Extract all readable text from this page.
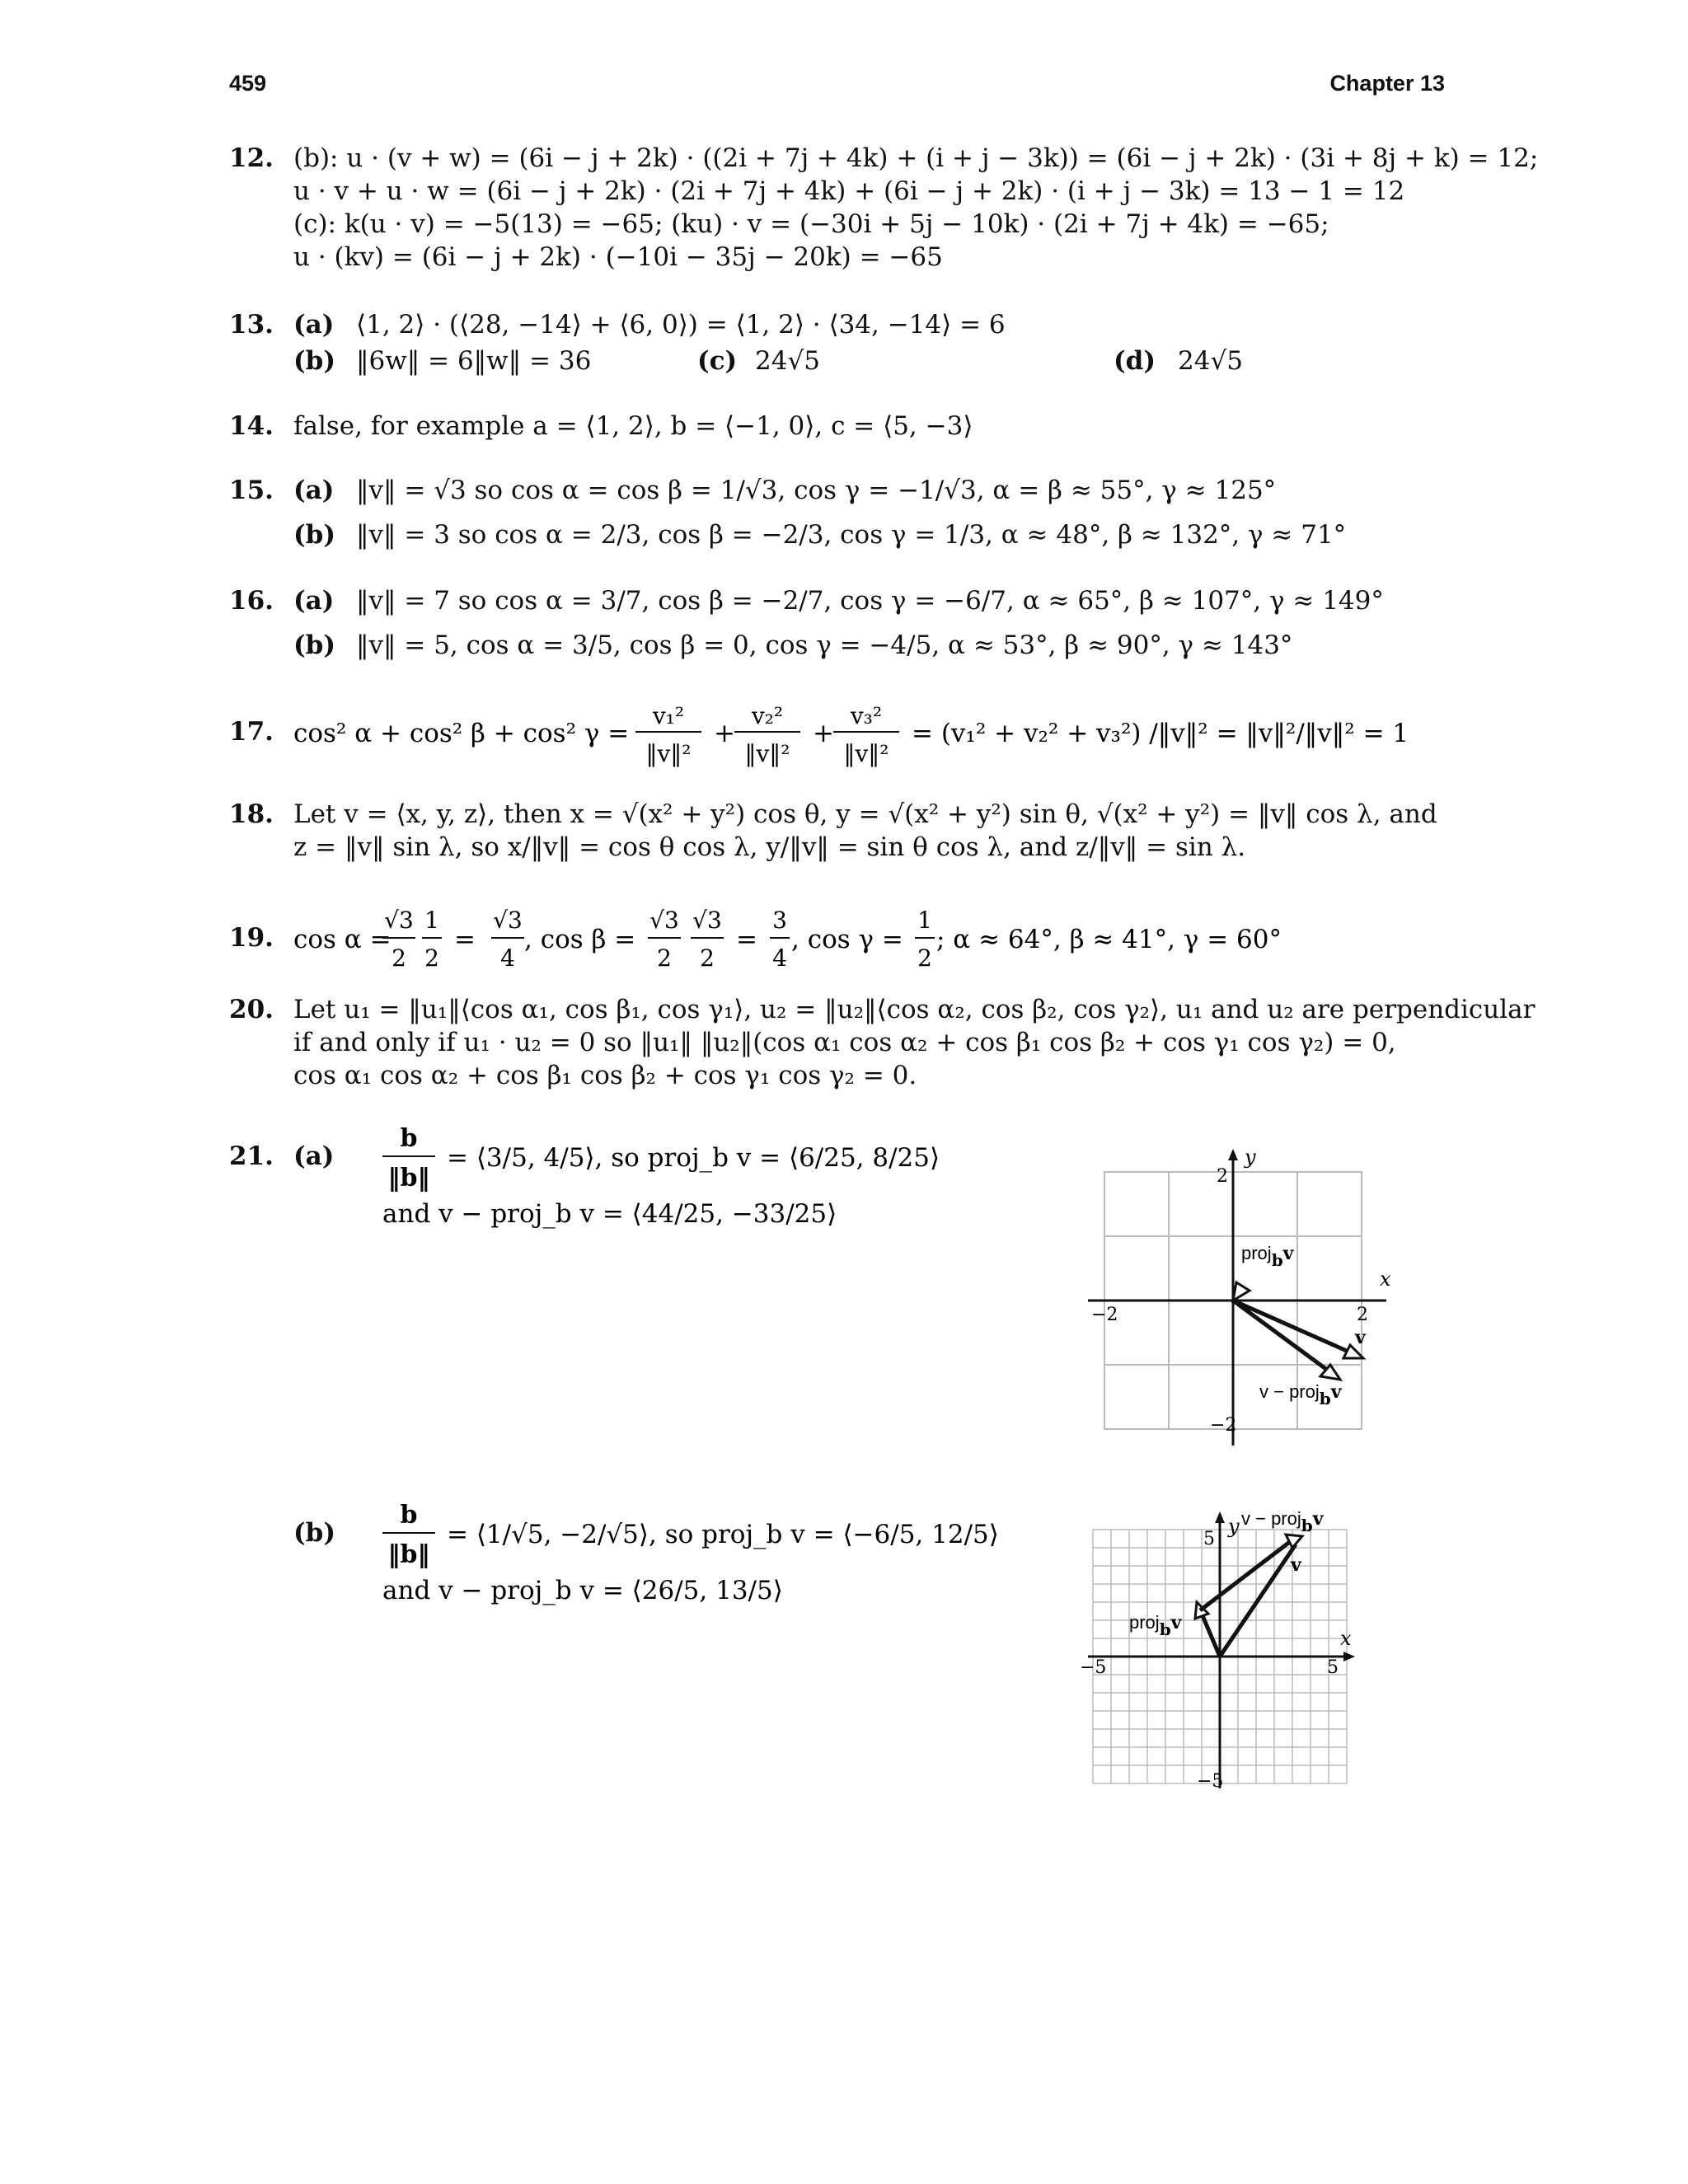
459	Chapter 13
12. (b): u · (v + w) = (6i − j + 2k) · ((2i + 7j + 4k) + (i + j − 3k)) = (6i − j + 2k) · (3i + 8j + k) = 12;
u · v + u · w = (6i − j + 2k) · (2i + 7j + 4k) + (6i − j + 2k) · (i + j − 3k) = 13 − 1 = 12
(c): k(u · v) = −5(13) = −65; (ku) · v = (−30i + 5j − 10k) · (2i + 7j + 4k) = −65;
u · (kv) = (6i − j + 2k) · (−10i − 35j − 20k) = −65
13. (a) ⟨1, 2⟩ · (⟨28, −14⟩ + ⟨6, 0⟩) = ⟨1, 2⟩ · ⟨34, −14⟩ = 6
(b) ‖6w‖ = 6‖w‖ = 36	(c) 24√5	(d) 24√5
14. false, for example a = ⟨1, 2⟩, b = ⟨−1, 0⟩, c = ⟨5, −3⟩
15. (a) ‖v‖ = √3 so cos α = cos β = 1/√3, cos γ = −1/√3, α = β ≈ 55°, γ ≈ 125°
(b) ‖v‖ = 3 so cos α = 2/3, cos β = −2/3, cos γ = 1/3, α ≈ 48°, β ≈ 132°, γ ≈ 71°
16. (a) ‖v‖ = 7 so cos α = 3/7, cos β = −2/7, cos γ = −6/7, α ≈ 65°, β ≈ 107°, γ ≈ 149°
(b) ‖v‖ = 5, cos α = 3/5, cos β = 0, cos γ = −4/5, α ≈ 53°, β ≈ 90°, γ ≈ 143°
17. cos² α + cos² β + cos² γ =
v₁²
‖v‖²
+
v₂²
‖v‖²
+
v₃²
‖v‖²
= (v₁² + v₂² + v₃²) /‖v‖² = ‖v‖²/‖v‖² = 1
18. Let v = ⟨x, y, z⟩, then x = √(x² + y²) cos θ, y = √(x² + y²) sin θ, √(x² + y²) = ‖v‖ cos λ, and
z = ‖v‖ sin λ, so x/‖v‖ = cos θ cos λ, y/‖v‖ = sin θ cos λ, and z/‖v‖ = sin λ.
19. cos α =
√3
2
1
2
=
√3
4
, cos β =
√3
2
√3
2
=
3
4
, cos γ =
1
2
; α ≈ 64°, β ≈ 41°, γ = 60°
20. Let u₁ = ‖u₁‖⟨cos α₁, cos β₁, cos γ₁⟩, u₂ = ‖u₂‖⟨cos α₂, cos β₂, cos γ₂⟩, u₁ and u₂ are perpendicular
if and only if u₁ · u₂ = 0 so ‖u₁‖ ‖u₂‖(cos α₁ cos α₂ + cos β₁ cos β₂ + cos γ₁ cos γ₂) = 0,
cos α₁ cos α₂ + cos β₁ cos β₂ + cos γ₁ cos γ₂ = 0.
21. (a)
b
‖b‖
= ⟨3/5, 4/5⟩, so proj_b v = ⟨6/25, 8/25⟩
and v − proj_b v = ⟨44/25, −33/25⟩
(b)
b
‖b‖
= ⟨1/√5, −2/√5⟩, so proj_b v = ⟨−6/5, 12/5⟩
and v − proj_b v = ⟨26/5, 13/5⟩
y
x
2
−2
−2	2
projbv
v
v − projbv
y
x
5
−5
−5	5
v − projbv
v
projbv
